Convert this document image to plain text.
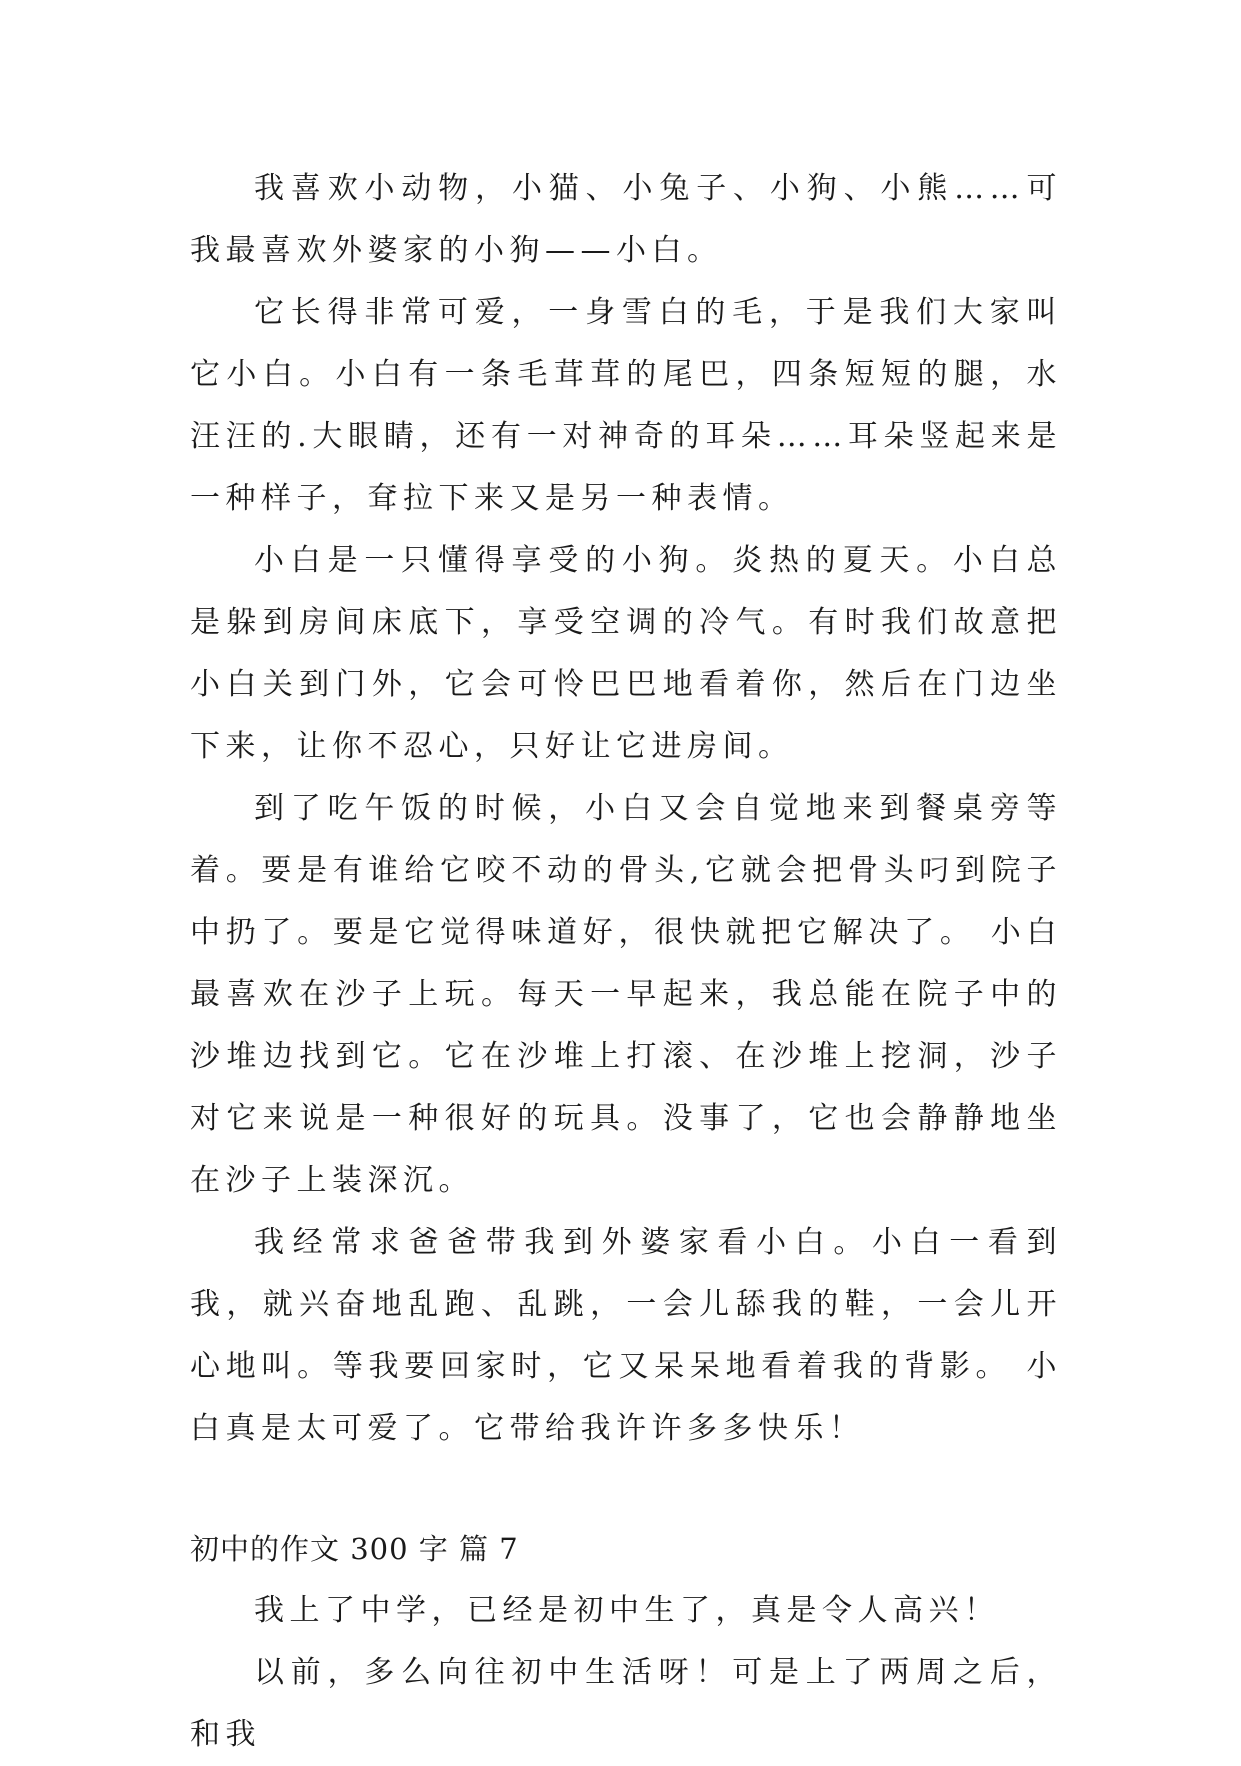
我喜欢小动物，小猫、小兔子、小狗、小熊……可我最喜欢外婆家的小狗——小白。

它长得非常可爱，一身雪白的毛，于是我们大家叫它小白。小白有一条毛茸茸的尾巴，四条短短的腿，水汪汪的.大眼睛，还有一对神奇的耳朵……耳朵竖起来是一种样子，耷拉下来又是另一种表情。

小白是一只懂得享受的小狗。炎热的夏天。小白总是躲到房间床底下，享受空调的冷气。有时我们故意把小白关到门外，它会可怜巴巴地看着你，然后在门边坐下来，让你不忍心，只好让它进房间。

到了吃午饭的时候，小白又会自觉地来到餐桌旁等着。要是有谁给它咬不动的骨头,它就会把骨头叼到院子中扔了。要是它觉得味道好，很快就把它解决了。 小白最喜欢在沙子上玩。每天一早起来，我总能在院子中的沙堆边找到它。它在沙堆上打滚、在沙堆上挖洞，沙子对它来说是一种很好的玩具。没事了，它也会静静地坐在沙子上装深沉。

我经常求爸爸带我到外婆家看小白。小白一看到我，就兴奋地乱跑、乱跳，一会儿舔我的鞋，一会儿开心地叫。等我要回家时，它又呆呆地看着我的背影。 小白真是太可爱了。它带给我许许多多快乐！

初中的作文 300 字 篇 7

我上了中学，已经是初中生了，真是令人高兴！

以前，多么向往初中生活呀！可是上了两周之后，和我
